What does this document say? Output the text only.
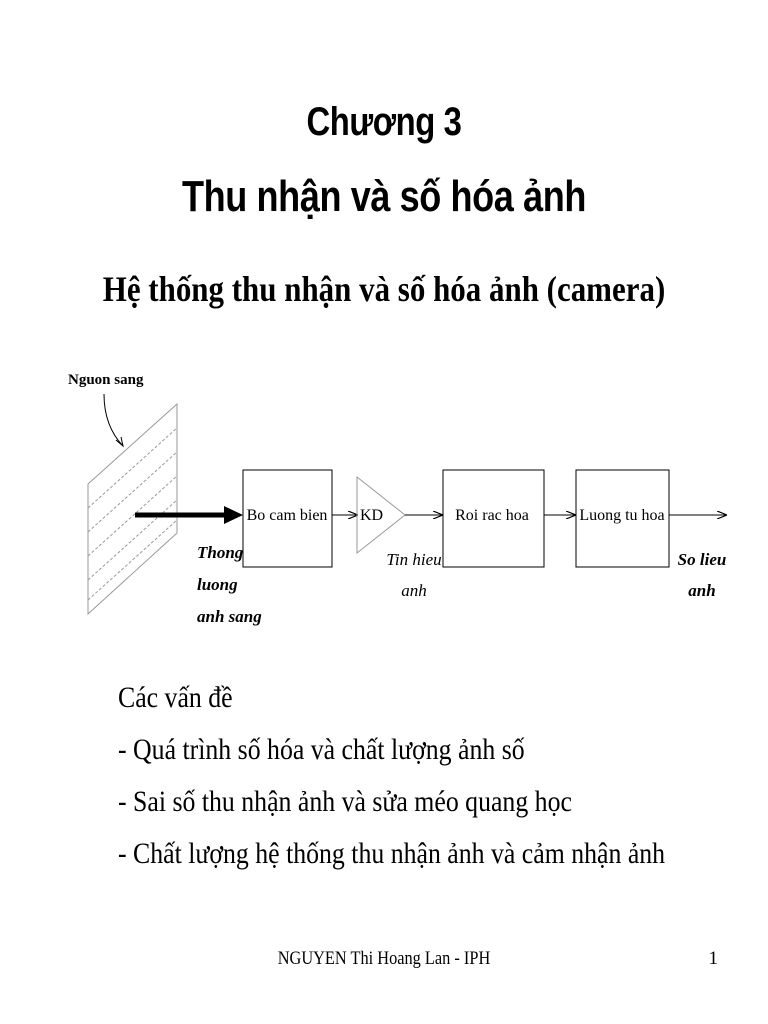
Chương 3
Thu nhận và số hóa ảnh
Hệ thống thu nhận và số hóa ảnh (camera)
Nguon sang
Bo cam bien KD	Roi rac hoa	Luong tu hoa
Thong
luong
anh sang
Tin hieu
anh
So lieu
anh
Các vấn đề
- Quá trình số hóa và chất lượng ảnh số
- Sai số thu nhận ảnh và sửa méo quang học
- Chất lượng hệ thống thu nhận ảnh và cảm nhận ảnh
NGUYEN Thi Hoang Lan - IPH	1
